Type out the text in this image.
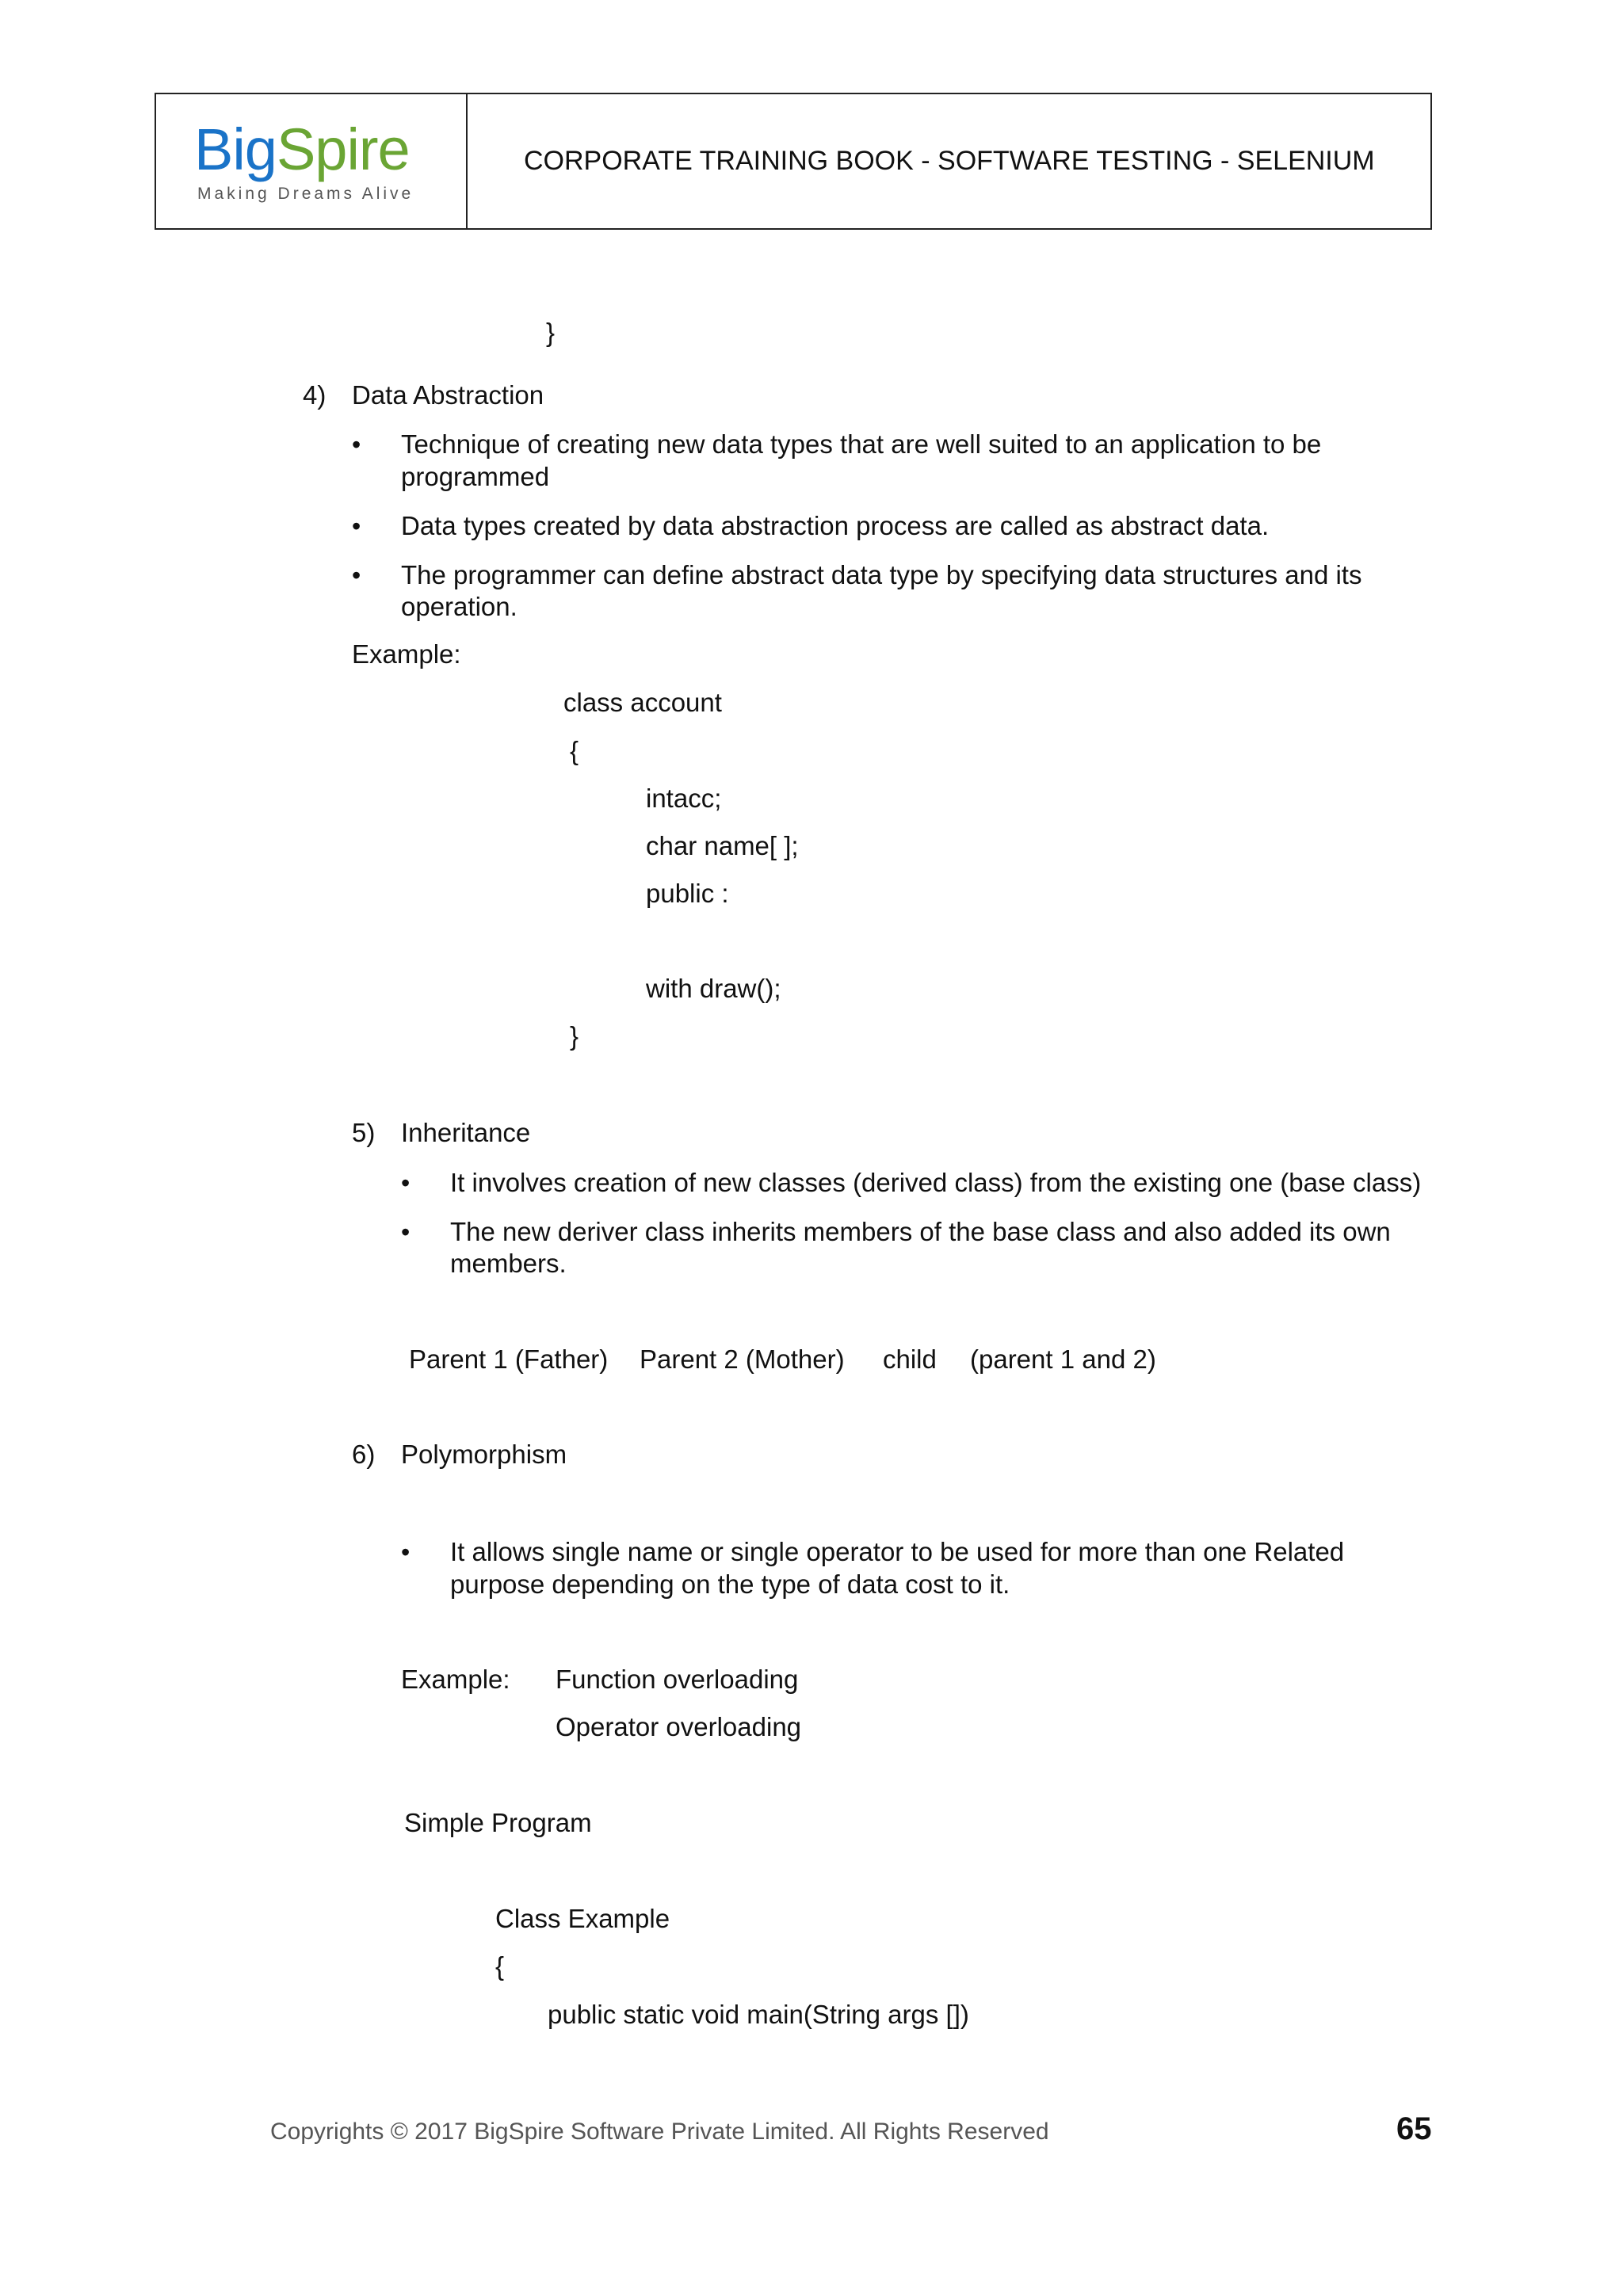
BigSpire
Making Dreams Alive
CORPORATE TRAINING BOOK - SOFTWARE TESTING - SELENIUM
}
4) Data Abstraction
• Technique of creating new data types that are well suited to an application to be
programmed
• Data types created by data abstraction process are called as abstract data.
• The programmer can define abstract data type by specifying data structures and its
operation.
Example:
class account
{
intacc;
char name[ ];
public :
with draw();
}
5) Inheritance
• It involves creation of new classes (derived class) from the existing one (base class)
• The new deriver class inherits members of the base class and also added its own
members.
Parent 1 (Father) Parent 2 (Mother) child (parent 1 and 2)
6) Polymorphism
• It allows single name or single operator to be used for more than one Related
purpose depending on the type of data cost to it.
Example: Function overloading
Operator overloading
Simple Program
Class Example
{
public static void main(String args [])
Copyrights © 2017 BigSpire Software Private Limited. All Rights Reserved	65
